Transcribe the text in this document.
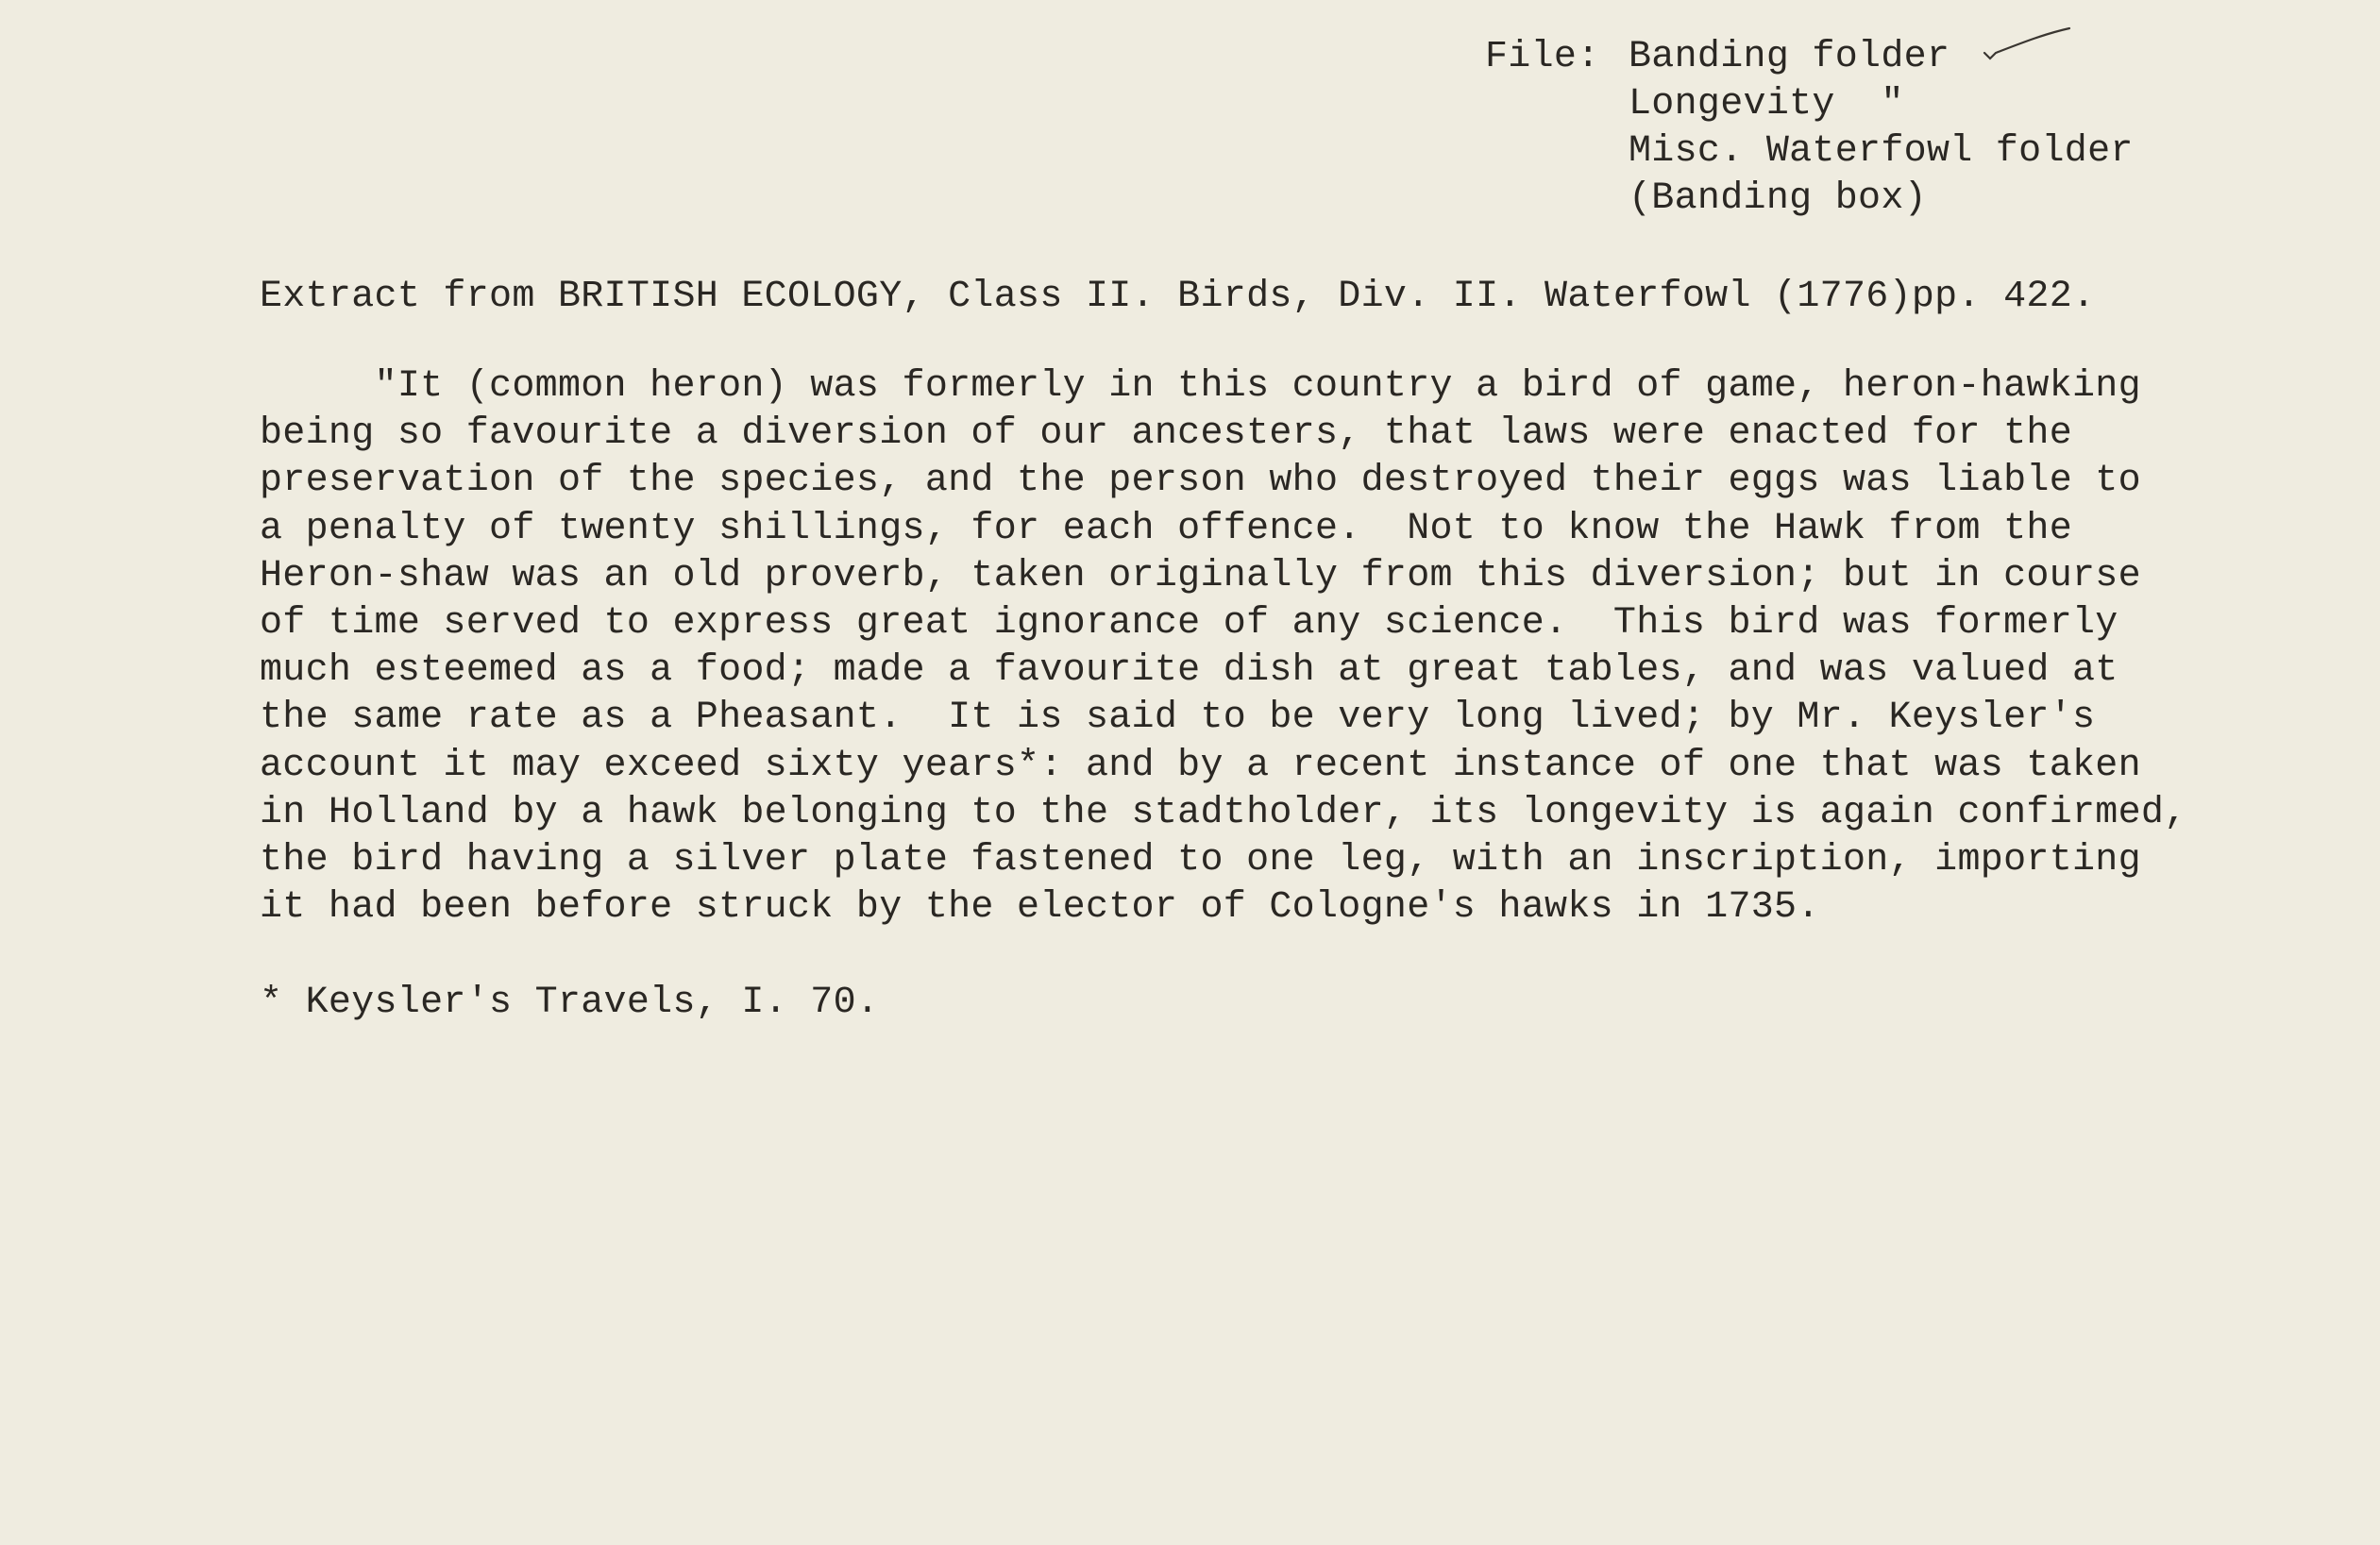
File: Banding folder
Longevity  "
Misc. Waterfowl folder
(Banding box)
Extract from BRITISH ECOLOGY, Class II. Birds, Div. II. Waterfowl (1776)pp. 422.
"It (common heron) was formerly in this country a bird of game, heron-hawking
being so favourite a diversion of our ancesters, that laws were enacted for the
preservation of the species, and the person who destroyed their eggs was liable to
a penalty of twenty shillings, for each offence.  Not to know the Hawk from the
Heron-shaw was an old proverb, taken originally from this diversion; but in course
of time served to express great ignorance of any science.  This bird was formerly
much esteemed as a food; made a favourite dish at great tables, and was valued at
the same rate as a Pheasant.  It is said to be very long lived; by Mr. Keysler's
account it may exceed sixty years*: and by a recent instance of one that was taken
in Holland by a hawk belonging to the stadtholder, its longevity is again confirmed,
the bird having a silver plate fastened to one leg, with an inscription, importing
it had been before struck by the elector of Cologne's hawks in 1735.
* Keysler's Travels, I. 70.
